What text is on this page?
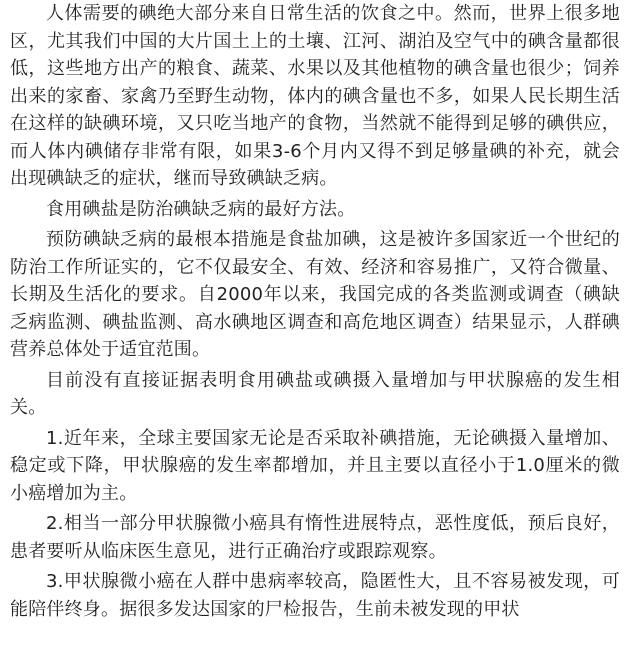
人体需要的碘绝大部分来自日常生活的饮食之中。然而，世界上很多地区，尤其我们中国的大片国土上的土壤、江河、湖泊及空气中的碘含量都很低，这些地方出产的粮食、蔬菜、水果以及其他植物的碘含量也很少；饲养出来的家畜、家禽乃至野生动物，体内的碘含量也不多，如果人民长期生活在这样的缺碘环境，又只吃当地产的食物，当然就不能得到足够的碘供应，而人体内碘储存非常有限，如果3-6个月内又得不到足够量碘的补充，就会出现碘缺乏的症状，继而导致碘缺乏病。

食用碘盐是防治碘缺乏病的最好方法。

预防碘缺乏病的最根本措施是食盐加碘，这是被许多国家近一个世纪的防治工作所证实的，它不仅最安全、有效、经济和容易推广，又符合微量、长期及生活化的要求。自2000年以来，我国完成的各类监测或调查（碘缺乏病监测、碘盐监测、高水碘地区调查和高危地区调查）结果显示，人群碘营养总体处于适宜范围。

目前没有直接证据表明食用碘盐或碘摄入量增加与甲状腺癌的发生相关。

1.近年来，全球主要国家无论是否采取补碘措施，无论碘摄入量增加、稳定或下降，甲状腺癌的发生率都增加，并且主要以直径小于1.0厘米的微小癌增加为主。

2.相当一部分甲状腺微小癌具有惰性进展特点，恶性度低，预后良好，患者要听从临床医生意见，进行正确治疗或跟踪观察。

3.甲状腺微小癌在人群中患病率较高，隐匿性大，且不容易被发现，可能陪伴终身。据很多发达国家的尸检报告，生前未被发现的甲状
